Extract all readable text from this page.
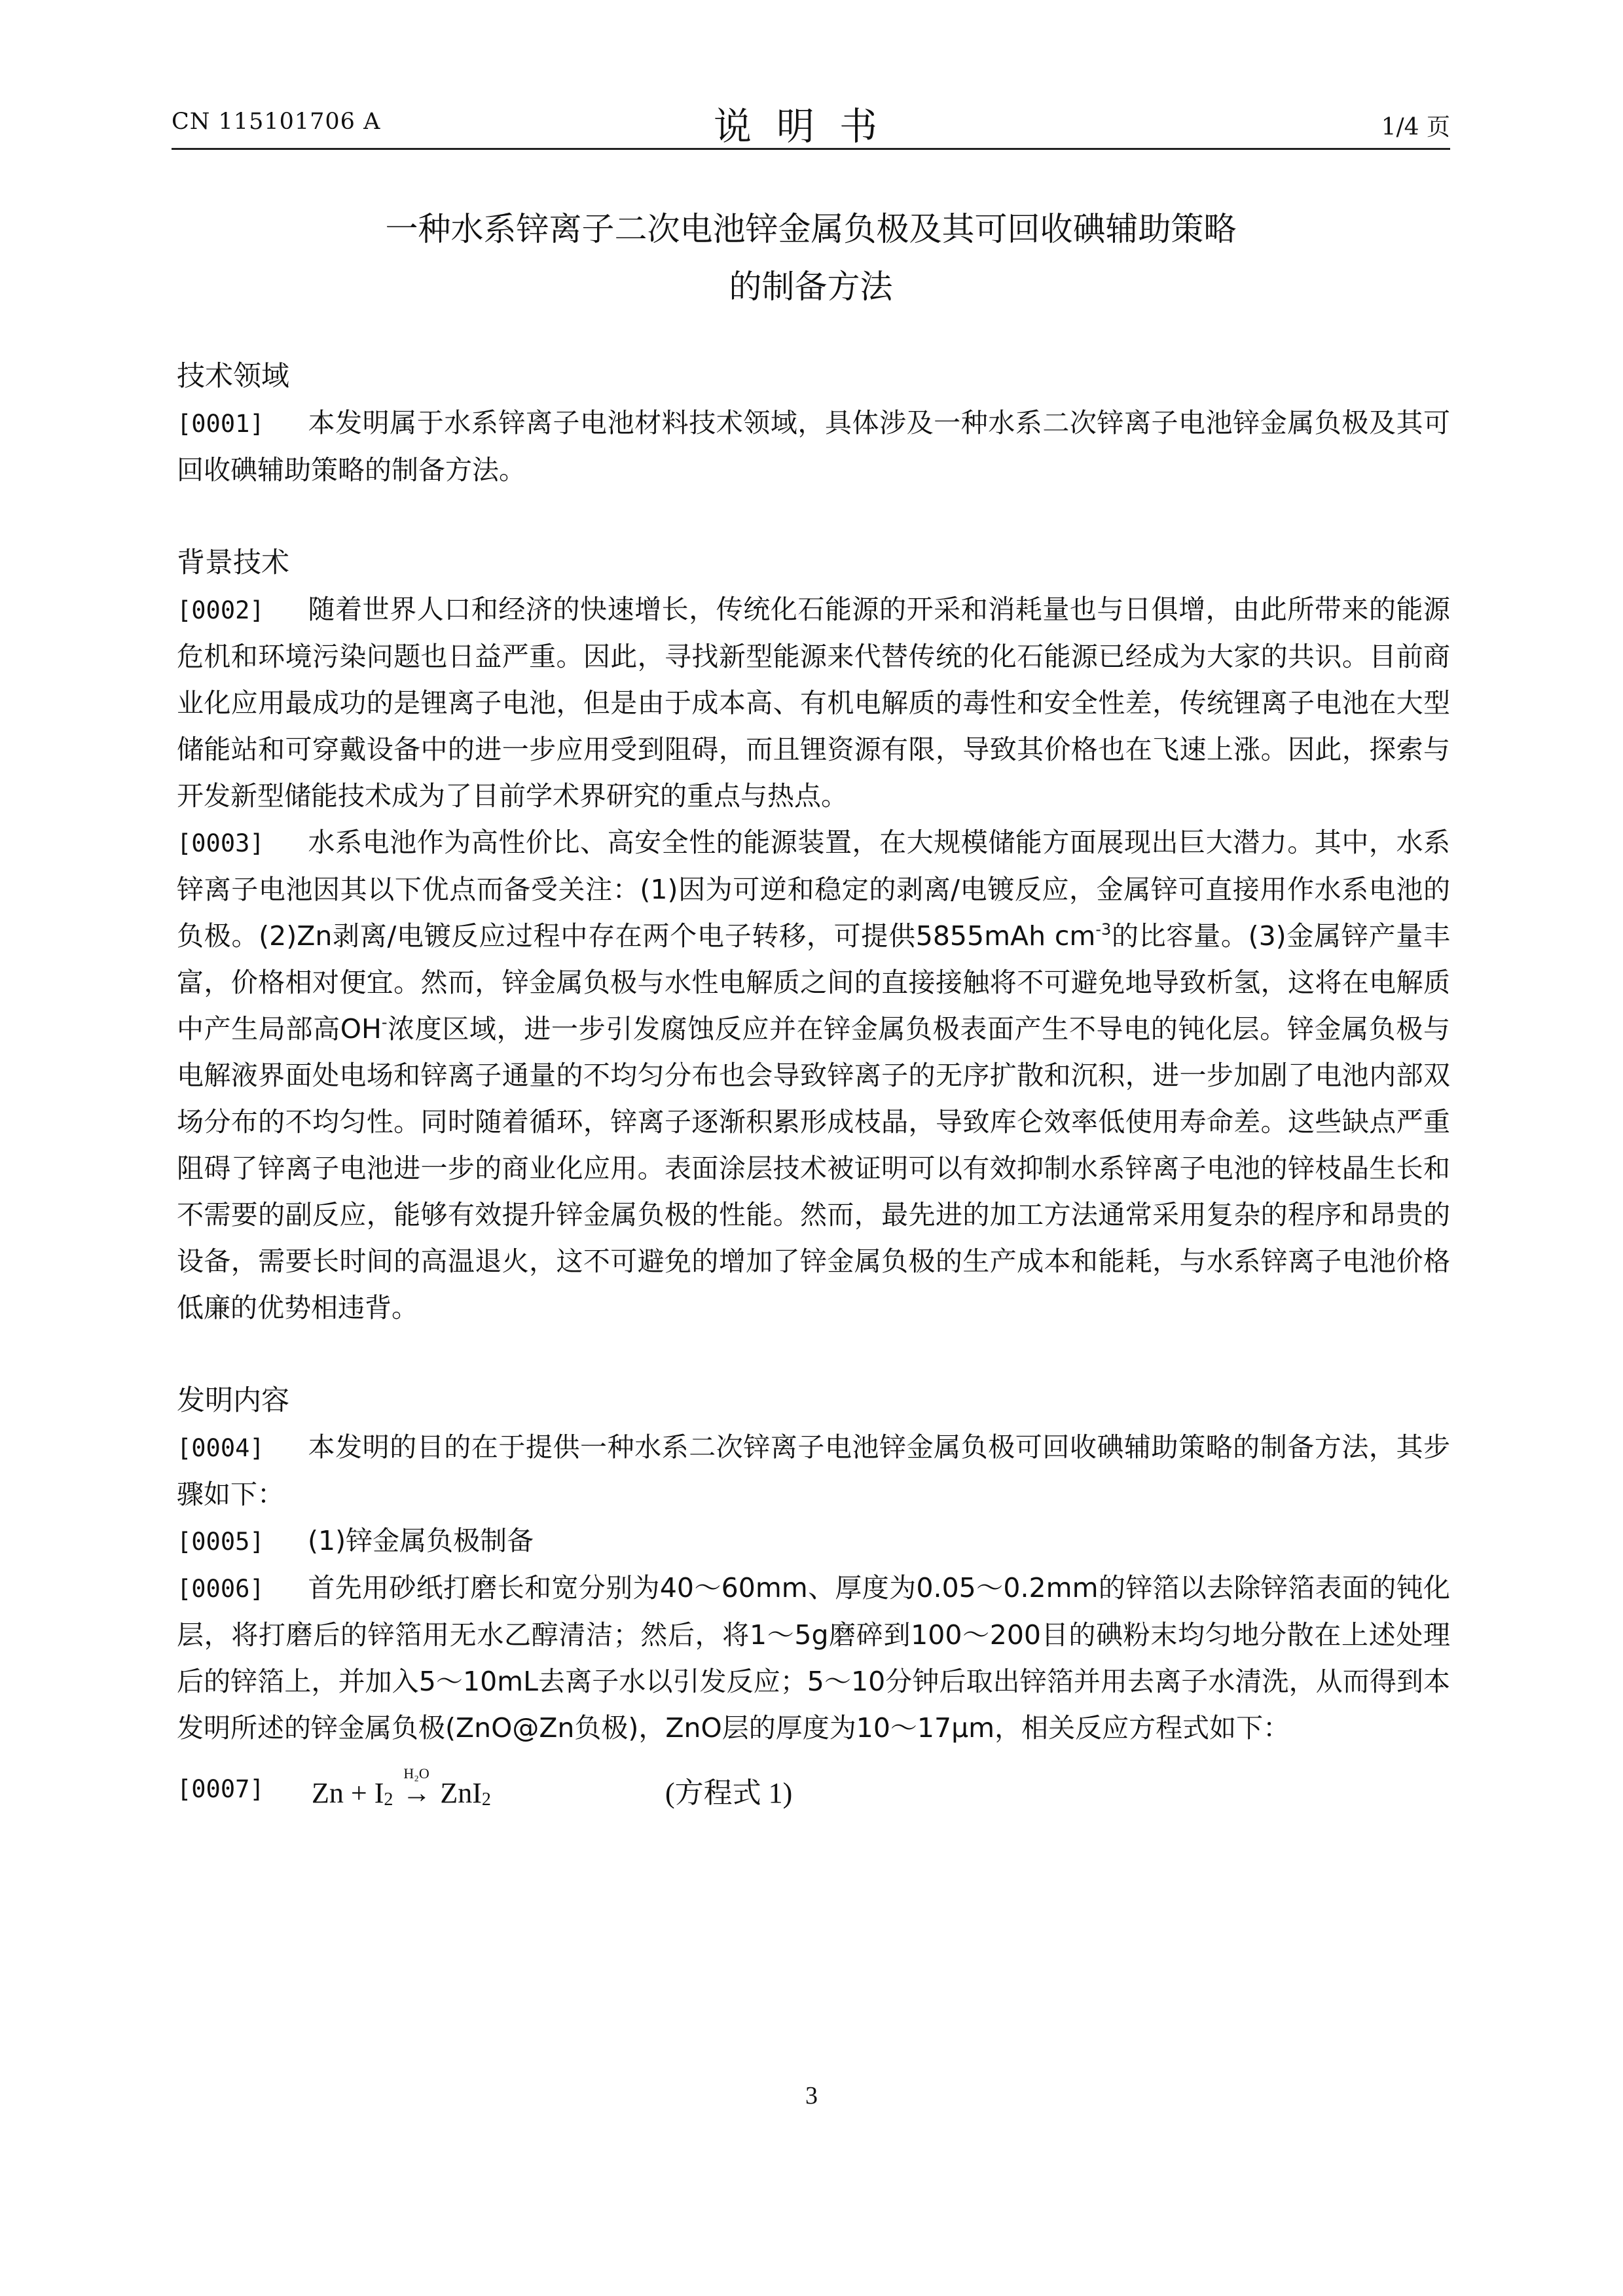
CN 115101706 A	说明书	1/4 页
一种水系锌离子二次电池锌金属负极及其可回收碘辅助策略
的制备方法

技术领域

[0001] 本发明属于水系锌离子电池材料技术领域，具体涉及一种水系二次锌离子电池锌金属负极及其可回收碘辅助策略的制备方法。

背景技术

[0002] 随着世界人口和经济的快速增长，传统化石能源的开采和消耗量也与日俱增，由此所带来的能源危机和环境污染问题也日益严重。因此，寻找新型能源来代替传统的化石能源已经成为大家的共识。目前商业化应用最成功的是锂离子电池，但是由于成本高、有机电解质的毒性和安全性差，传统锂离子电池在大型储能站和可穿戴设备中的进一步应用受到阻碍，而且锂资源有限，导致其价格也在飞速上涨。因此，探索与开发新型储能技术成为了目前学术界研究的重点与热点。

[0003] 水系电池作为高性价比、高安全性的能源装置，在大规模储能方面展现出巨大潜力。其中，水系锌离子电池因其以下优点而备受关注：(1)因为可逆和稳定的剥离/电镀反应，金属锌可直接用作水系电池的负极。(2)Zn剥离/电镀反应过程中存在两个电子转移，可提供5855mAh $cm^{-3}$的比容量。(3)金属锌产量丰富，价格相对便宜。然而，锌金属负极与水性电解质之间的直接接触将不可避免地导致析氢，这将在电解质中产生局部高OH-浓度区域，进一步引发腐蚀反应并在锌金属负极表面产生不导电的钝化层。锌金属负极与电解液界面处电场和锌离子通量的不均匀分布也会导致锌离子的无序扩散和沉积，进一步加剧了电池内部双场分布的不均匀性。同时随着循环，锌离子逐渐积累形成枝晶，导致库仑效率低使用寿命差。这些缺点严重阻碍了锌离子电池进一步的商业化应用。表面涂层技术被证明可以有效抑制水系锌离子电池的锌枝晶生长和不需要的副反应，能够有效提升锌金属负极的性能。然而，最先进的加工方法通常采用复杂的程序和昂贵的设备，需要长时间的高温退火，这不可避免的增加了锌金属负极的生产成本和能耗，与水系锌离子电池价格低廉的优势相违背。

发明内容

[0004] 本发明的目的在于提供一种水系二次锌离子电池锌金属负极可回收碘辅助策略的制备方法，其步骤如下：

[0005] (1)锌金属负极制备

[0006] 首先用砂纸打磨长和宽分别为40～60mm、厚度为0.05～0.2mm的锌箔以去除锌箔表面的钝化层，将打磨后的锌箔用无水乙醇清洁；然后，将1～5g磨碎到100～200目的碘粉末均匀地分散在上述处理后的锌箔上，并加入5～10mL去离子水以引发反应；5～10分钟后取出锌箔并用去离子水清洗，从而得到本发明所述的锌金属负极(ZnO@Zn负极)，ZnO层的厚度为10～17μm，相关反应方程式如下：

[0007] Zn + I2
H₂O
→ ZnI2	(方程式 1)
3
